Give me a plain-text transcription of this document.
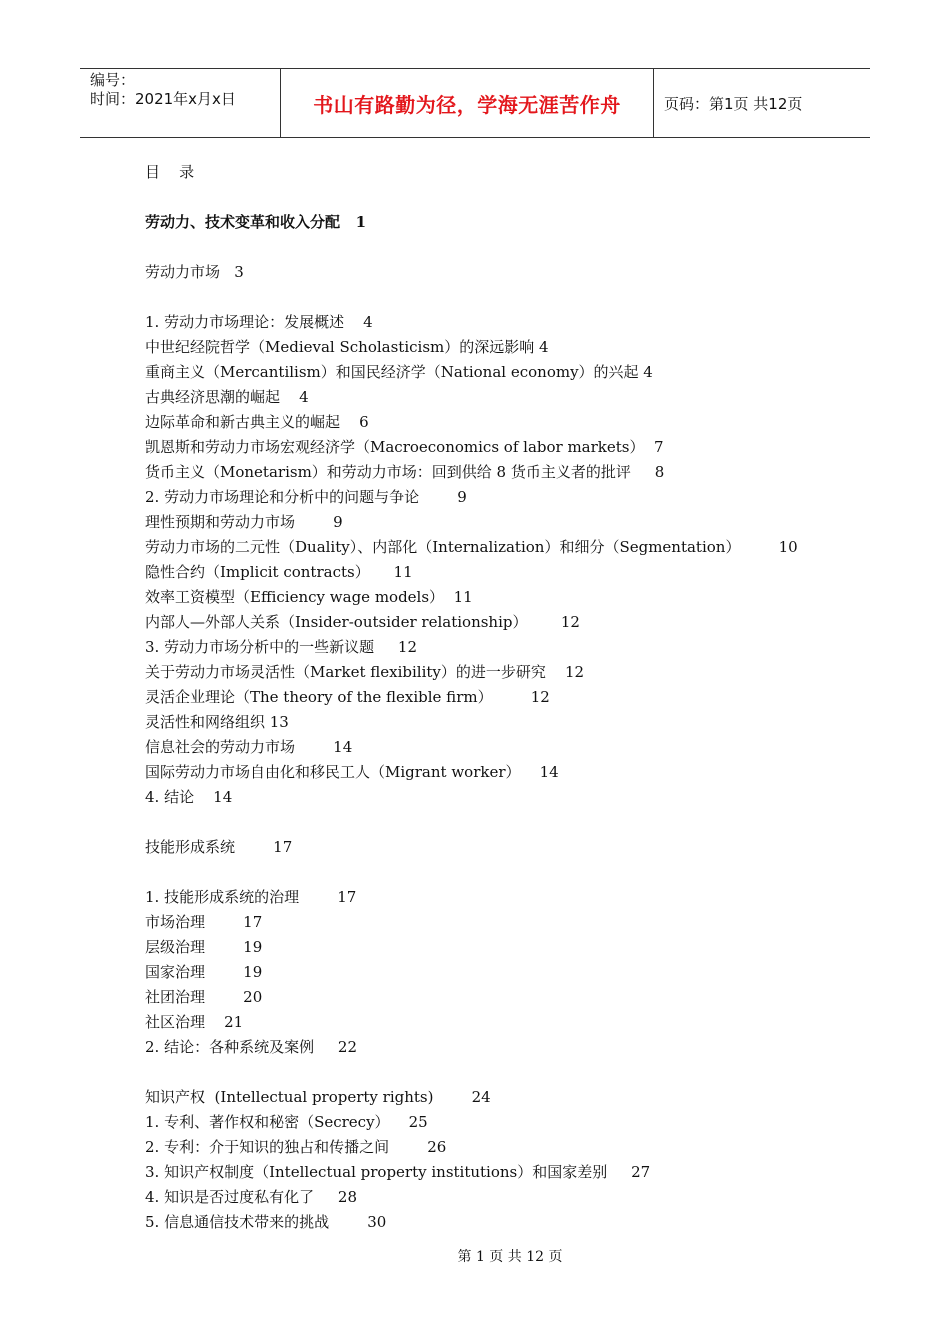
编号：
时间：2021年x月x日	书山有路勤为径，学海无涯苦作舟	页码：第1页 共12页
目    录
劳动力、技术变革和收入分配   1
劳动力市场   3
1. 劳动力市场理论：发展概述    4
中世纪经院哲学（Medieval Scholasticism）的深远影响 4
重商主义（Mercantilism）和国民经济学（National economy）的兴起 4
古典经济思潮的崛起    4
边际革命和新古典主义的崛起    6
凯恩斯和劳动力市场宏观经济学（Macroeconomics of labor markets）  7
货币主义（Monetarism）和劳动力市场：回到供给 8 货币主义者的批评     8
2. 劳动力市场理论和分析中的问题与争论        9
理性预期和劳动力市场        9
劳动力市场的二元性（Duality）、内部化（Internalization）和细分（Segmentation）        10
隐性合约（Implicit contracts）     11
效率工资模型（Efficiency wage models）  11
内部人—外部人关系（Insider-outsider relationship）       12
3. 劳动力市场分析中的一些新议题     12
关于劳动力市场灵活性（Market flexibility）的进一步研究    12
灵活企业理论（The theory of the flexible firm）        12
灵活性和网络组织 13
信息社会的劳动力市场        14
国际劳动力市场自由化和移民工人（Migrant worker）    14
4. 结论    14
技能形成系统        17
1. 技能形成系统的治理        17
市场治理        17
层级治理        19
国家治理        19
社团治理        20
社区治理    21
2. 结论：各种系统及案例     22
知识产权  (Intellectual property rights)        24
1. 专利、著作权和秘密（Secrecy）    25
2. 专利：介于知识的独占和传播之间        26
3. 知识产权制度（Intellectual property institutions）和国家差别     27
4. 知识是否过度私有化了     28
5. 信息通信技术带来的挑战        30
第 1 页 共 12 页
